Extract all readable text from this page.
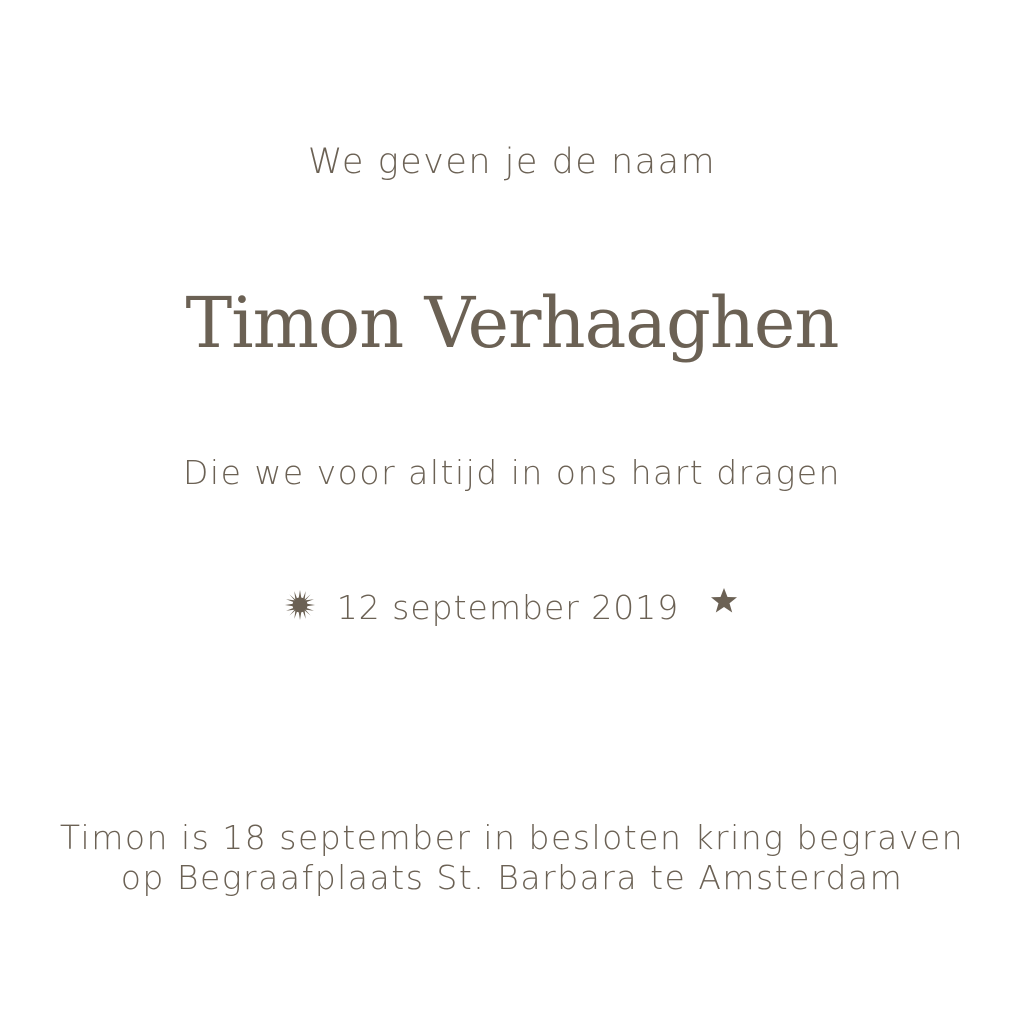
We geven je de naam
Timon Verhaaghen
Die we voor altijd in ons hart dragen
12 september 2019
Timon is 18 september in besloten kring begraven
op Begraafplaats St. Barbara te Amsterdam
